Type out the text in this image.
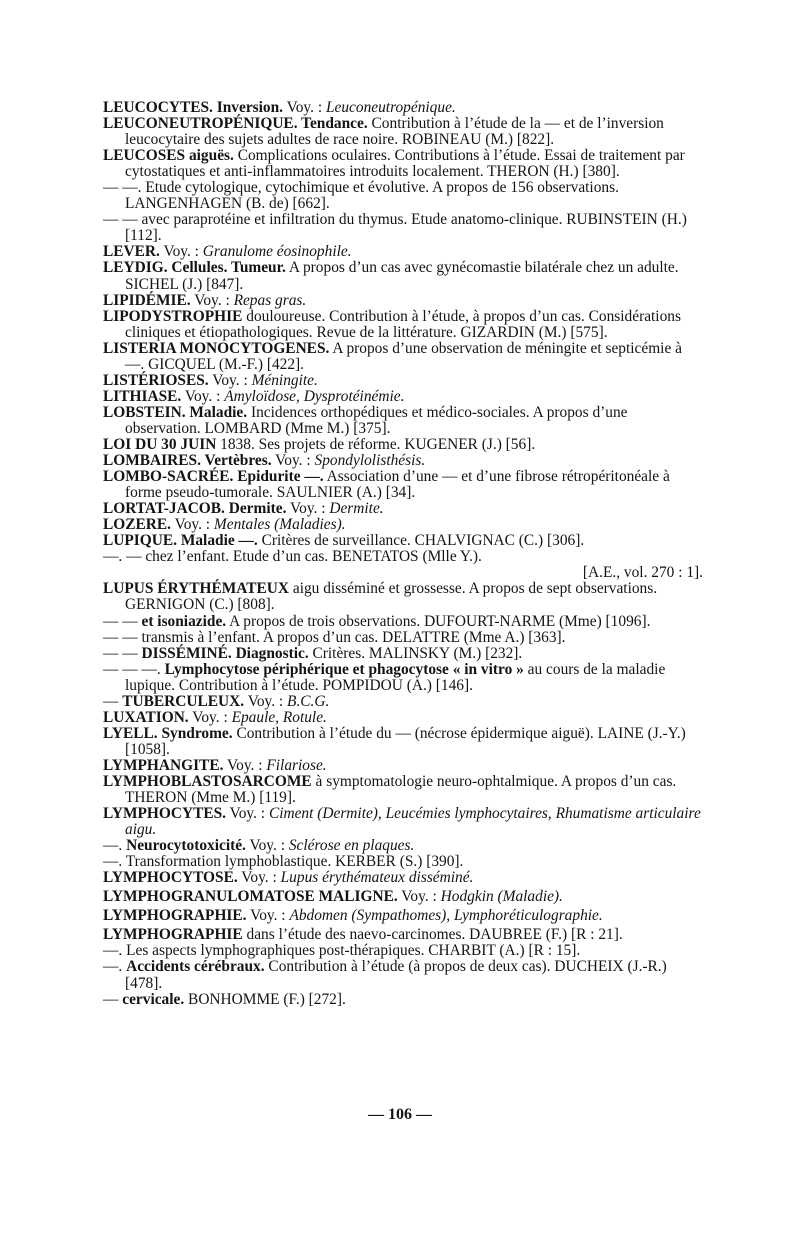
LEUCOCYTES. Inversion. Voy. : Leuconeutropénique.

LEUCONEUTROPÉNIQUE. Tendance. Contribution à l’étude de la — et de l’inversion leucocytaire des sujets adultes de race noire. ROBINEAU (M.) [822].

LEUCOSES aiguës. Complications oculaires. Contributions à l’étude. Essai de traitement par cytostatiques et anti-inflammatoires introduits localement. THERON (H.) [380].

— —. Etude cytologique, cytochimique et évolutive. A propos de 156 observations. LANGENHAGEN (B. de) [662].

— — avec paraprotéine et infiltration du thymus. Etude anatomo-clinique. RUBINSTEIN (H.) [112].

LEVER. Voy. : Granulome éosinophile.

LEYDIG. Cellules. Tumeur. A propos d’un cas avec gynécomastie bilatérale chez un adulte. SICHEL (J.) [847].

LIPIDÉMIE. Voy. : Repas gras.

LIPODYSTROPHIE douloureuse. Contribution à l’étude, à propos d’un cas. Considérations cliniques et étiopathologiques. Revue de la littérature. GIZARDIN (M.) [575].

LISTERIA MONOCYTOGENES. A propos d’une observation de méningite et septicémie à —. GICQUEL (M.-F.) [422].

LISTÉRIOSES. Voy. : Méningite.

LITHIASE. Voy. : Amyloïdose, Dysprotéinémie.

LOBSTEIN. Maladie. Incidences orthopédiques et médico-sociales. A propos d’une observation. LOMBARD (Mme M.) [375].

LOI DU 30 JUIN 1838. Ses projets de réforme. KUGENER (J.) [56].

LOMBAIRES. Vertèbres. Voy. : Spondylolisthésis.

LOMBO-SACRÉE. Epidurite —. Association d’une — et d’une fibrose rétropéritonéale à forme pseudo-tumorale. SAULNIER (A.) [34].

LORTAT-JACOB. Dermite. Voy. : Dermite.

LOZERE. Voy. : Mentales (Maladies).

LUPIQUE. Maladie —. Critères de surveillance. CHALVIGNAC (C.) [306].

—. — chez l’enfant. Etude d’un cas. BENETATOS (Mlle Y.).

[A.E., vol. 270 : 1].

LUPUS ÉRYTHÉMATEUX aigu disséminé et grossesse. A propos de sept observations. GERNIGON (C.) [808].

— — et isoniazide. A propos de trois observations. DUFOURT-NARME (Mme) [1096].

— — transmis à l’enfant. A propos d’un cas. DELATTRE (Mme A.) [363].

— — DISSÉMINÉ. Diagnostic. Critères. MALINSKY (M.) [232].

— — —. Lymphocytose périphérique et phagocytose « in vitro » au cours de la maladie lupique. Contribution à l’étude. POMPIDOU (A.) [146].

— TUBERCULEUX. Voy. : B.C.G.

LUXATION. Voy. : Epaule, Rotule.

LYELL. Syndrome. Contribution à l’étude du — (nécrose épidermique aiguë). LAINE (J.-Y.) [1058].

LYMPHANGITE. Voy. : Filariose.

LYMPHOBLASTOSARCOME à symptomatologie neuro-ophtalmique. A propos d’un cas. THERON (Mme M.) [119].

LYMPHOCYTES. Voy. : Ciment (Dermite), Leucémies lymphocytaires, Rhumatisme articulaire aigu.

—. Neurocytotoxicité. Voy. : Sclérose en plaques.

—. Transformation lymphoblastique. KERBER (S.) [390].

LYMPHOCYTOSE. Voy. : Lupus érythémateux disséminé.

LYMPHOGRANULOMATOSE MALIGNE. Voy. : Hodgkin (Maladie).

LYMPHOGRAPHIE. Voy. : Abdomen (Sympathomes), Lymphoréticulographie.

LYMPHOGRAPHIE dans l’étude des naevo-carcinomes. DAUBREE (F.) [R : 21].

—. Les aspects lymphographiques post-thérapiques. CHARBIT (A.) [R : 15].

—. Accidents cérébraux. Contribution à l’étude (à propos de deux cas). DUCHEIX (J.-R.) [478].

— cervicale. BONHOMME (F.) [272].

— 106 —
